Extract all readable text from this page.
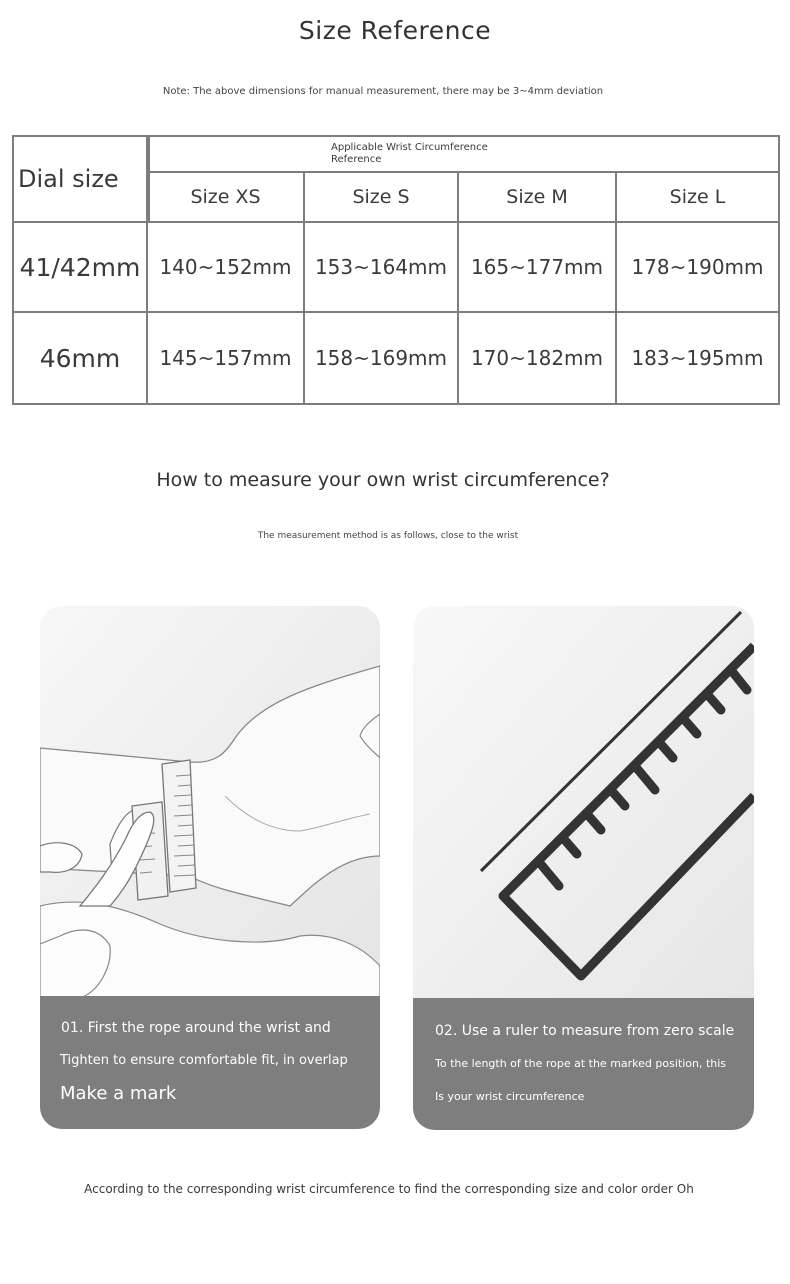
Size Reference
Note: The above dimensions for manual measurement, there may be 3~4mm deviation
Dial size
Applicable Wrist Circumference Reference
Size XS	Size S	Size M	Size L
41/42mm 140~152mm	153~164mm	165~177mm	178~190mm
46mm	145~157mm	158~169mm	170~182mm	183~195mm
How to measure your own wrist circumference?
The measurement method is as follows, close to the wrist
01. First the rope around the wrist and
Tighten to ensure comfortable fit, in overlap
Make a mark
02. Use a ruler to measure from zero scale
To the length of the rope at the marked position, this
Is your wrist circumference
According to the corresponding wrist circumference to find the corresponding size and color order Oh
